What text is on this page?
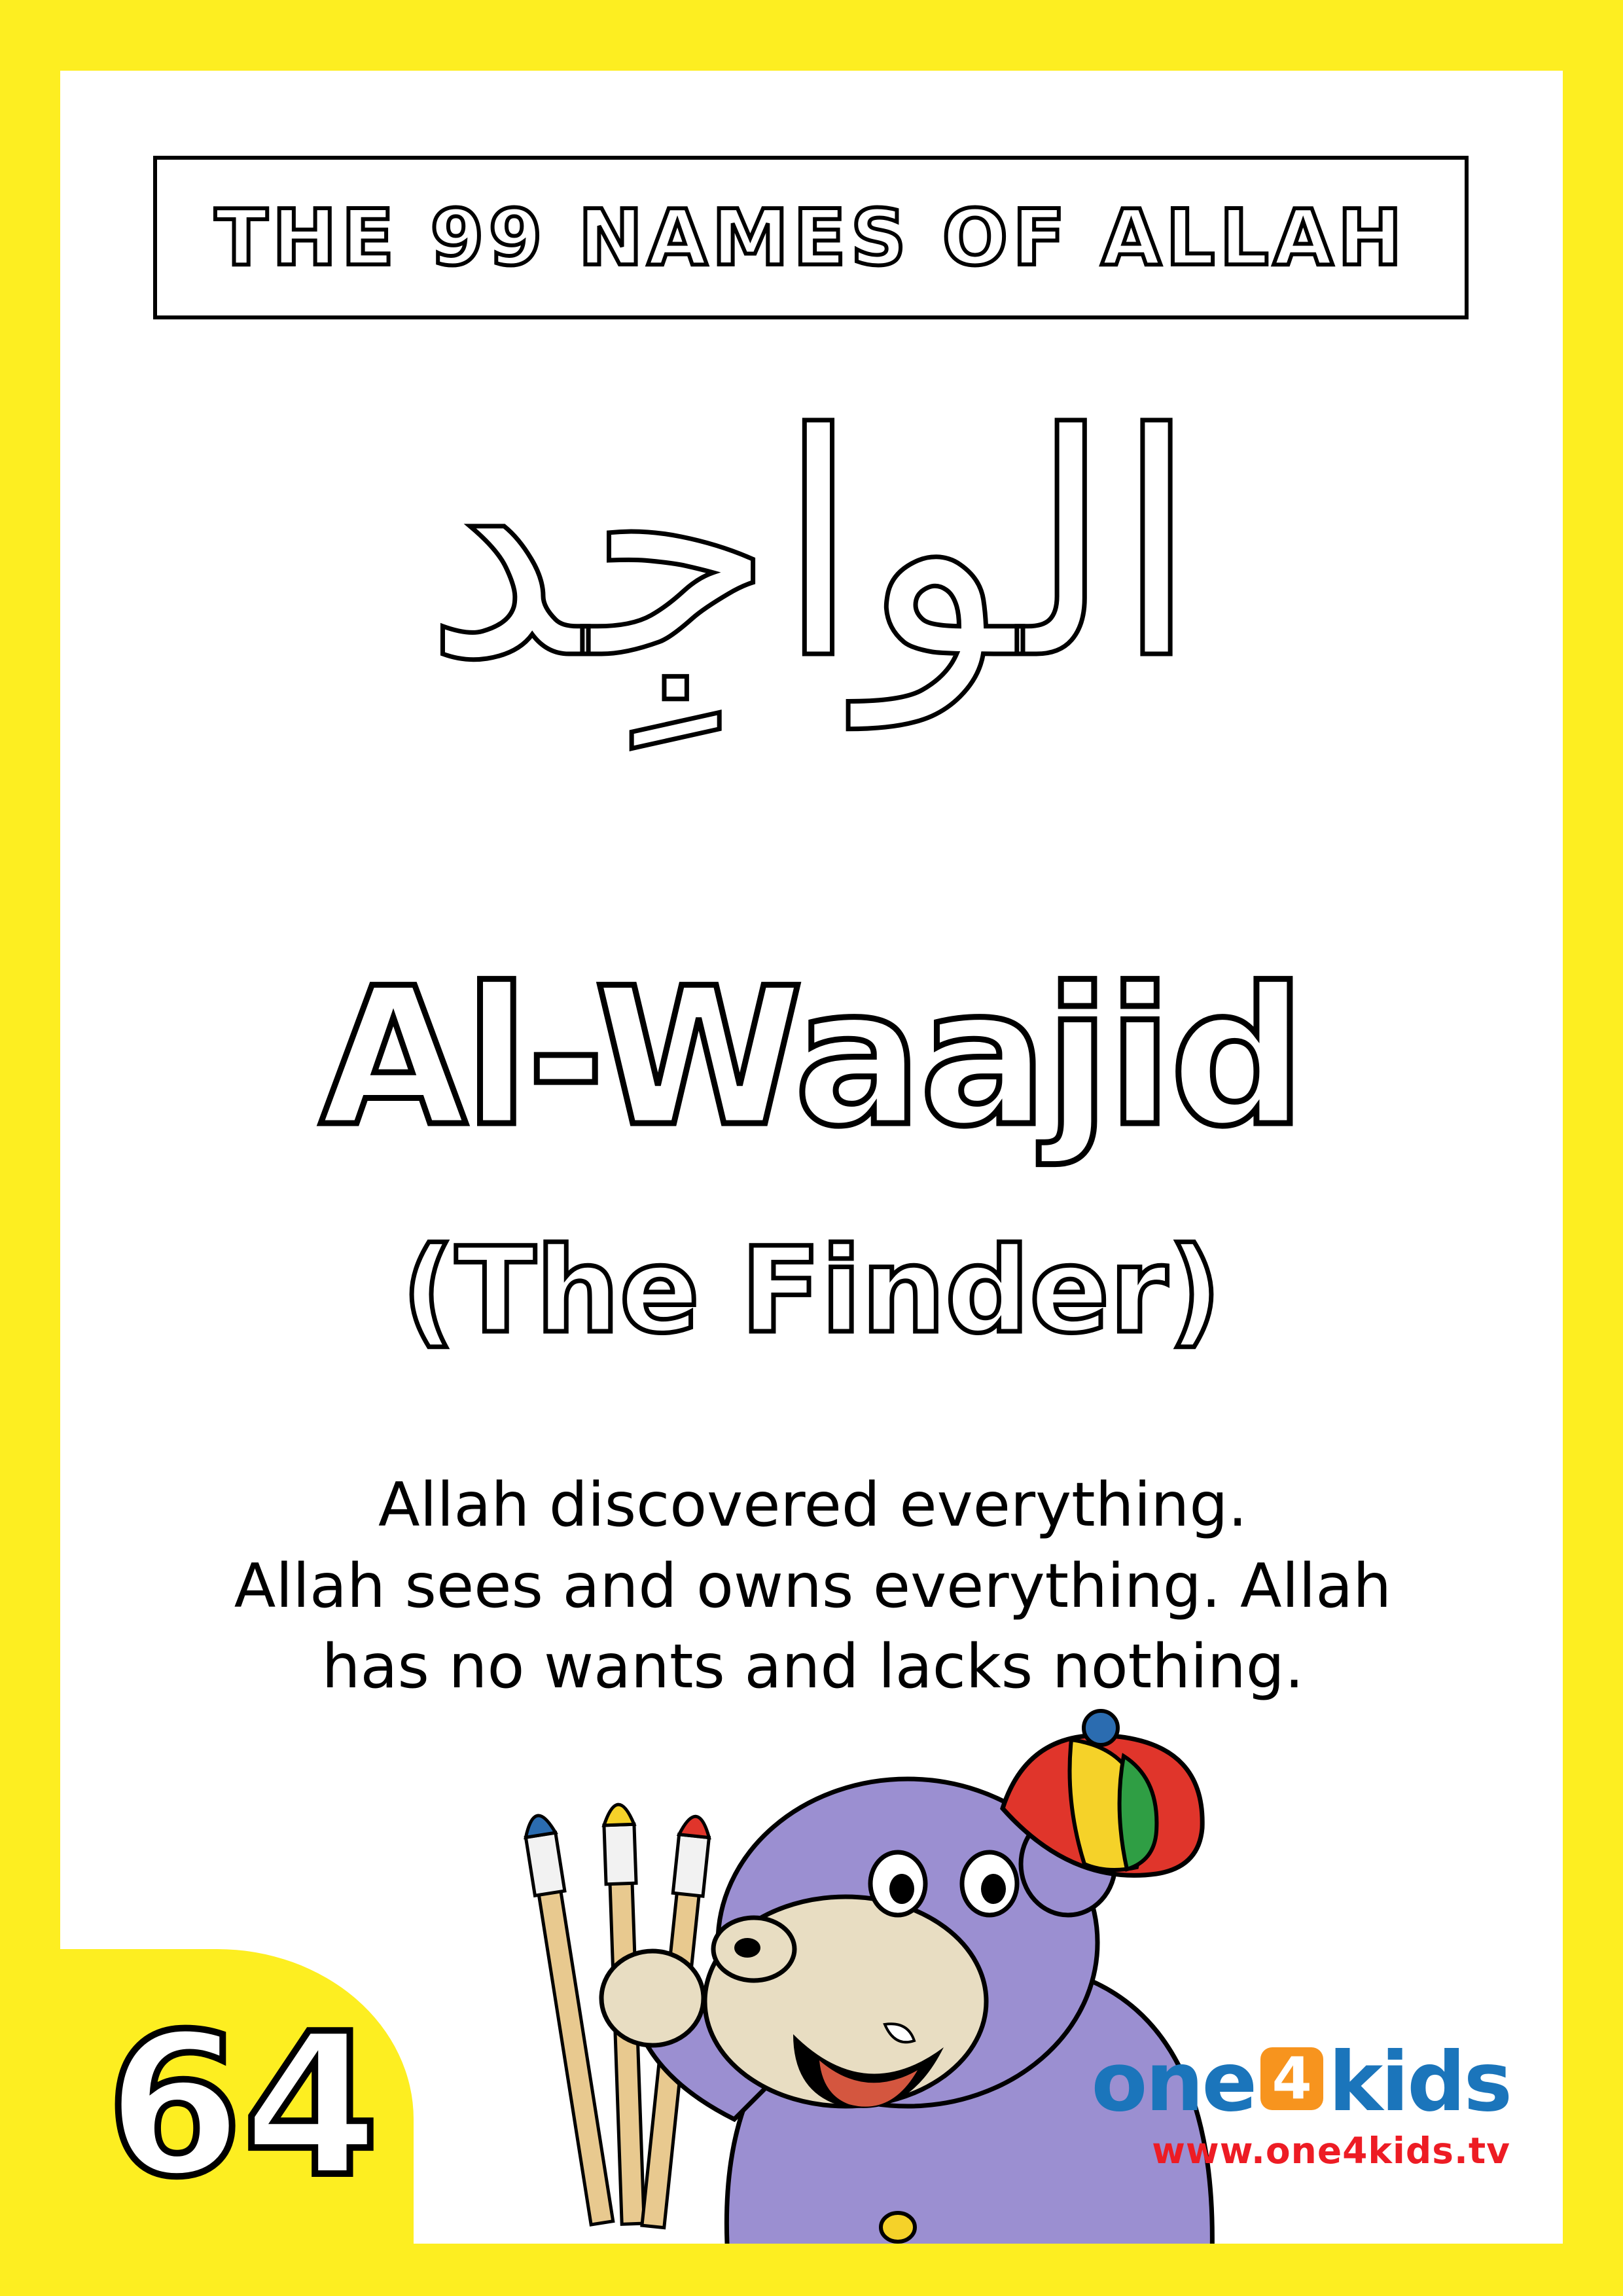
THE 99 NAMES OF ALLAH
الواجِد
Al-Waajid
(The Finder)
Allah discovered everything.
Allah sees and owns everything. Allah
has no wants and lacks nothing.
64	one 4 kids
www.one4kids.tv
